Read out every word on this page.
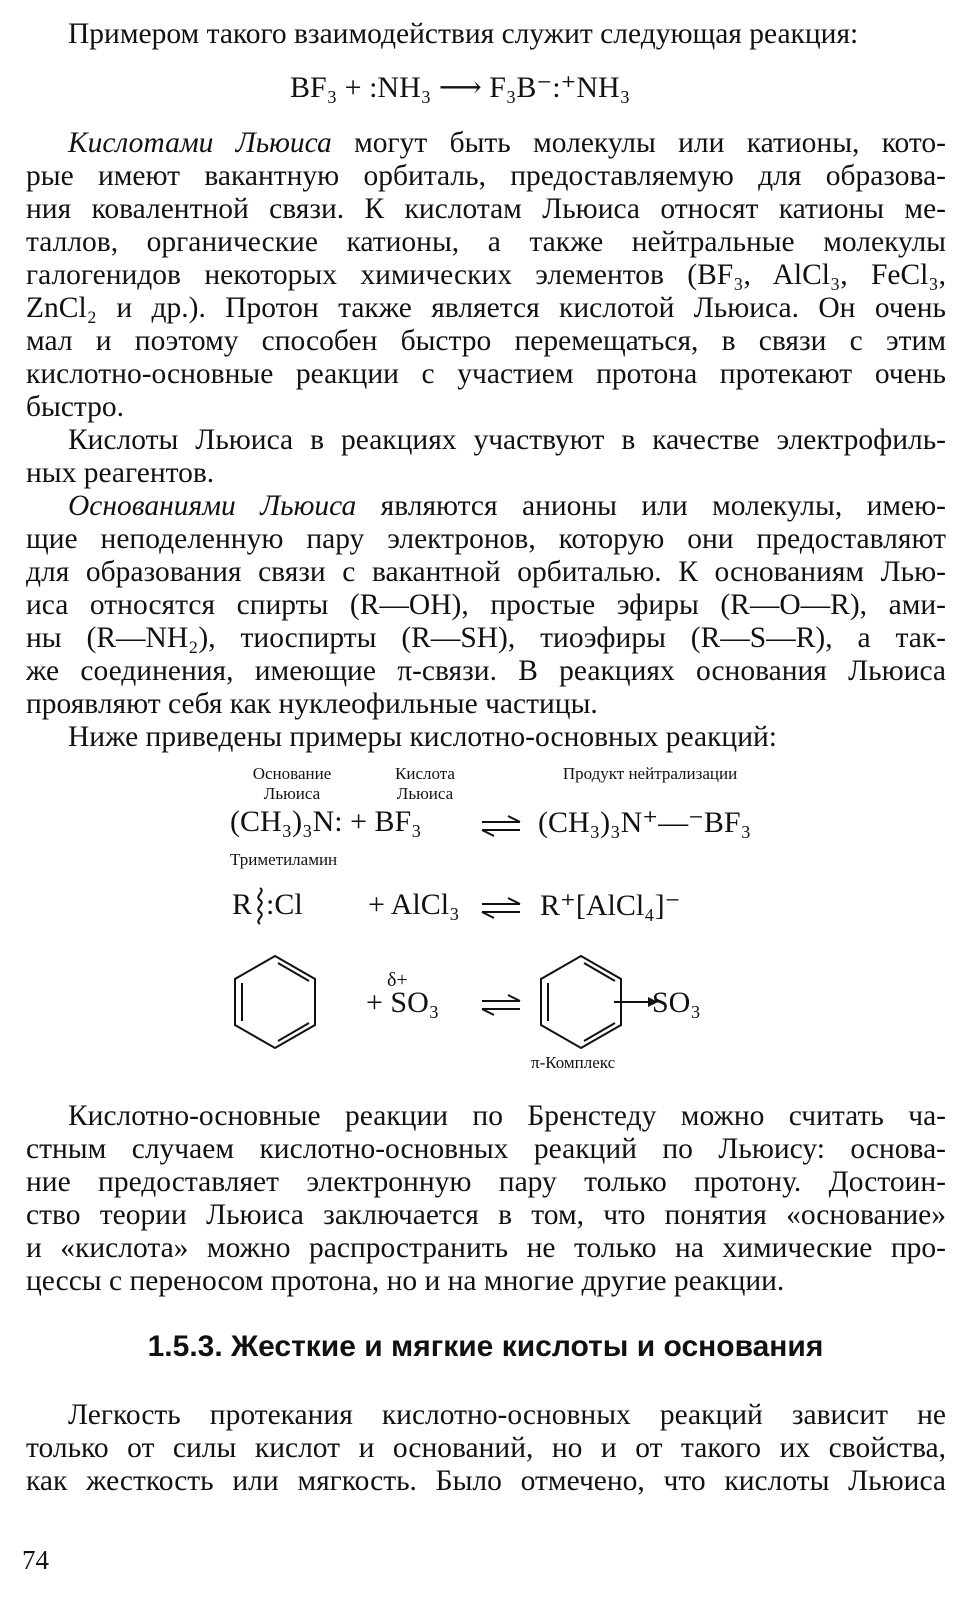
Примером такого взаимодействия служит следующая реакция:
BF₃ + :NH₃ ⟶ F₃B⁻:⁺NH₃
Кислотами Льюиса могут быть молекулы или катионы, кото-
рые имеют вакантную орбиталь, предоставляемую для образова-
ния ковалентной связи. К кислотам Льюиса относят катионы ме-
таллов, органические катионы, а также нейтральные молекулы
галогенидов некоторых химических элементов (BF₃, AlCl₃, FeCl₃,
ZnCl₂ и др.). Протон также является кислотой Льюиса. Он очень
мал и поэтому способен быстро перемещаться, в связи с этим
кислотно-основные реакции с участием протона протекают очень
быстро.
Кислоты Льюиса в реакциях участвуют в качестве электрофиль-
ных реагентов.
Основаниями Льюиса являются анионы или молекулы, имею-
щие неподеленную пару электронов, которую они предоставляют
для образования связи с вакантной орбиталью. К основаниям Лью-
иса относятся спирты (R—OH), простые эфиры (R—O—R), ами-
ны (R—NH₂), тиоспирты (R—SH), тиоэфиры (R—S—R), а так-
же соединения, имеющие π-связи. В реакциях основания Льюиса
проявляют себя как нуклеофильные частицы.
Ниже приведены примеры кислотно-основных реакций:
Основание
Льюиса
Кислота
Льюиса
Продукт нейтрализации
(CH₃)₃N: + BF₃	⇌ (CH₃)₃N⁺—⁻BF₃
Триметиламин
R :Cl + AlCl₃ ⇌ R⁺[AlCl₄]⁻
δ+
+ SO₃	SO₃
π-Комплекс
Кислотно-основные реакции по Бренстеду можно считать ча-
стным случаем кислотно-основных реакций по Льюису: основа-
ние предоставляет электронную пару только протону. Достоин-
ство теории Льюиса заключается в том, что понятия «основание»
и «кислота» можно распространить не только на химические про-
цессы с переносом протона, но и на многие другие реакции.
1.5.3. Жесткие и мягкие кислоты и основания
Легкость протекания кислотно-основных реакций зависит не
только от силы кислот и оснований, но и от такого их свойства,
как жесткость или мягкость. Было отмечено, что кислоты Льюиса
74
